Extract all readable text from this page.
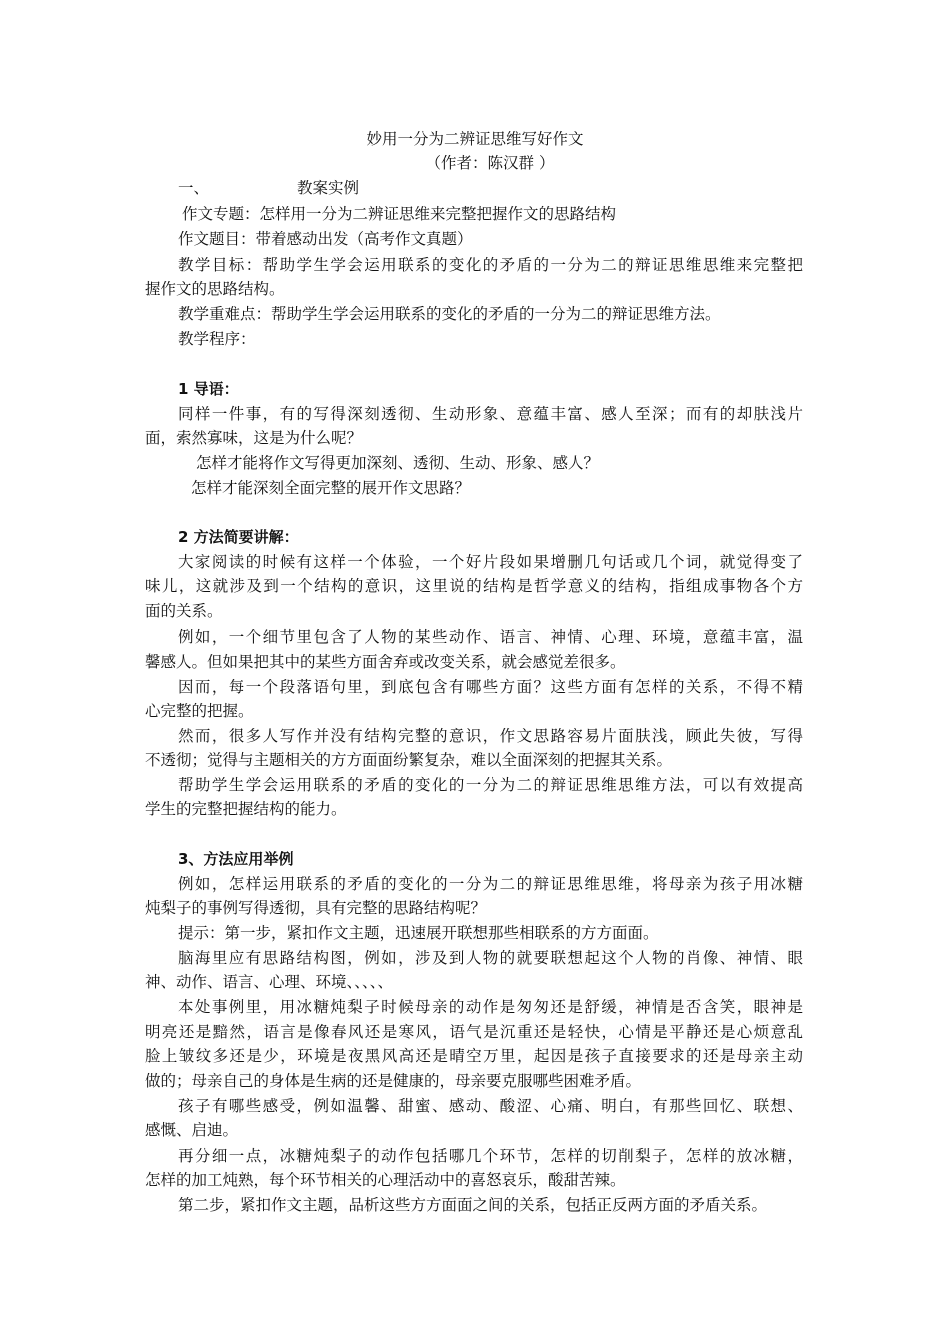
妙用一分为二辨证思维写好作文
（作者：陈汉群 ）
一、	教案实例
作文专题：怎样用一分为二辨证思维来完整把握作文的思路结构
作文题目：带着感动出发（高考作文真题）
教学目标：帮助学生学会运用联系的变化的矛盾的一分为二的辩证思维思维来完整把
握作文的思路结构。
教学重难点：帮助学生学会运用联系的变化的矛盾的一分为二的辩证思维方法。
教学程序：
1 导语：
同样一件事，有的写得深刻透彻、生动形象、意蕴丰富、感人至深；而有的却肤浅片
面，索然寡味，这是为什么呢？
怎样才能将作文写得更加深刻、透彻、生动、形象、感人？
怎样才能深刻全面完整的展开作文思路？
2 方法简要讲解：
大家阅读的时候有这样一个体验，一个好片段如果增删几句话或几个词，就觉得变了
味儿，这就涉及到一个结构的意识，这里说的结构是哲学意义的结构，指组成事物各个方
面的关系。
例如，一个细节里包含了人物的某些动作、语言、神情、心理、环境，意蕴丰富，温
馨感人。但如果把其中的某些方面舍弃或改变关系，就会感觉差很多。
因而，每一个段落语句里，到底包含有哪些方面？这些方面有怎样的关系，不得不精
心完整的把握。
然而，很多人写作并没有结构完整的意识，作文思路容易片面肤浅，顾此失彼，写得
不透彻；觉得与主题相关的方方面面纷繁复杂，难以全面深刻的把握其关系。
帮助学生学会运用联系的矛盾的变化的一分为二的辩证思维思维方法，可以有效提高
学生的完整把握结构的能力。
3、方法应用举例
例如，怎样运用联系的矛盾的变化的一分为二的辩证思维思维，将母亲为孩子用冰糖
炖梨子的事例写得透彻，具有完整的思路结构呢？
提示：第一步，紧扣作文主题，迅速展开联想那些相联系的方方面面。
脑海里应有思路结构图，例如，涉及到人物的就要联想起这个人物的肖像、神情、眼
神、动作、语言、心理、环境、、、、、
本处事例里，用冰糖炖梨子时候母亲的动作是匆匆还是舒缓，神情是否含笑，眼神是
明亮还是黯然，语言是像春风还是寒风，语气是沉重还是轻快，心情是平静还是心烦意乱
脸上皱纹多还是少，环境是夜黑风高还是晴空万里，起因是孩子直接要求的还是母亲主动
做的；母亲自己的身体是生病的还是健康的，母亲要克服哪些困难矛盾。
孩子有哪些感受，例如温馨、甜蜜、感动、酸涩、心痛、明白，有那些回忆、联想、
感慨、启迪。
再分细一点，冰糖炖梨子的动作包括哪几个环节，怎样的切削梨子，怎样的放冰糖，
怎样的加工炖熟，每个环节相关的心理活动中的喜怒哀乐，酸甜苦辣。
第二步，紧扣作文主题，品析这些方方面面之间的关系，包括正反两方面的矛盾关系。
